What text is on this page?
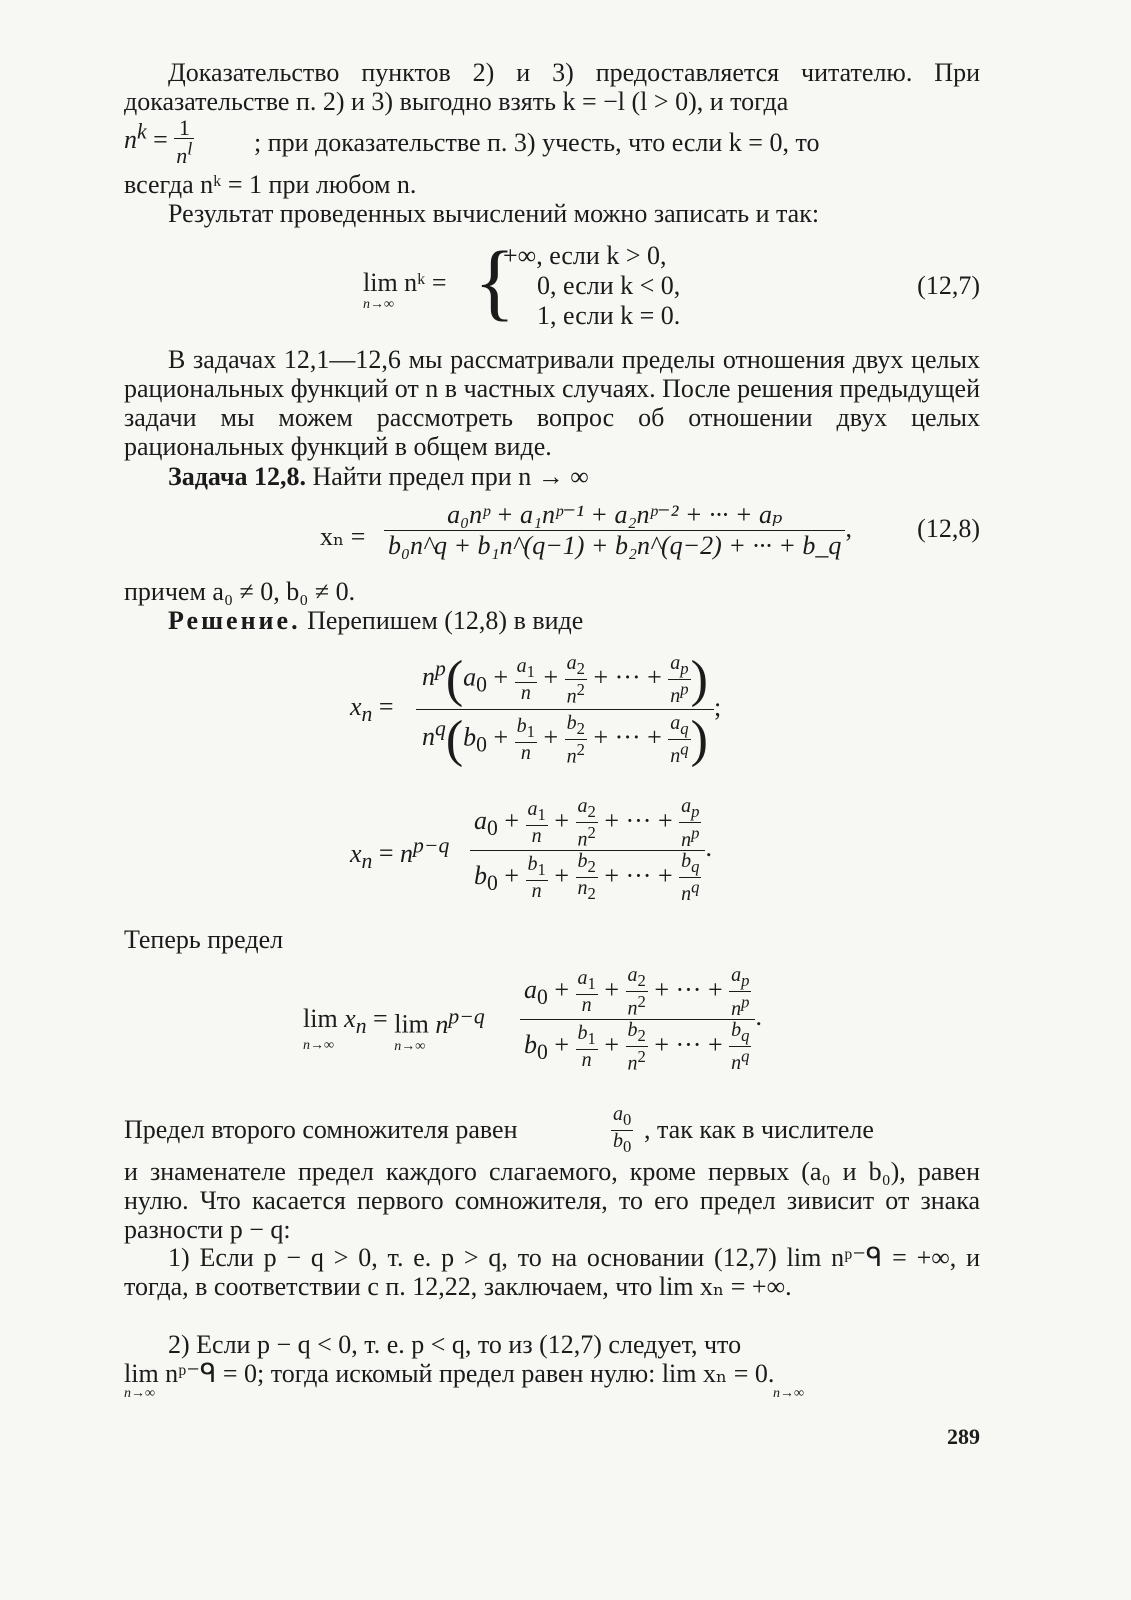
Доказательство пунктов 2) и 3) предоставляется читателю. При доказательстве п. 2) и 3) выгодно взять k = −l (l > 0), и тогда
$n^k = \frac{1}{n^l}$ ; при доказательстве п. 3) учесть, что если k = 0, то
всегда nᵏ = 1 при любом n.
Результат проведенных вычислений можно записать и так:
lim nᵏ =
n→∞ {
+∞, если k > 0,
0, если k < 0,
1, если k = 0.
(12,7)
В задачах 12,1—12,6 мы рассматривали пределы отношения двух целых рациональных функций от n в частных случаях. После решения предыдущей задачи мы можем рассмотреть вопрос об отношении двух целых рациональных функций в общем виде.
Задача 12,8. Найти предел при n → ∞
$x_n = \frac{\text{a₀nᵖ + a₁nᵖ⁻¹ + a₂nᵖ⁻² + ··· + aₚ}}{\text{b₀n\textasciicircum{}q + b₁n\textasciicircum{}(q−1) + b₂n\textasciicircum{}(q−2) + ··· + b\_q}}$ ,	(12,8)
причем a₀ ≠ 0, b₀ ≠ 0.
Решение. Перепишем (12,8) в виде
$x_n = \frac{n^p(a_0 + \frac{a_1}{n} + \frac{a_2}{n^2} + \cdot\cdot\cdot + \frac{a_p}{n^p} )}{n^q(b_0 + \frac{b_1}{n} + \frac{b_2}{n^2} + \cdot\cdot\cdot + \frac{a_q}{n^q} )}$ ;
$x_n = n^{p-q} \frac{a_0 + \frac{a_1}{n} + \frac{a_2}{n^2} + \cdot\cdot\cdot + \frac{a_p}{n^p}}{b_0 + \frac{b_1}{n} + \frac{b_2}{n_2} + \cdot\cdot\cdot + \frac{b_q}{n^q}}$ .
Теперь предел
$\lim x_n$
n→∞
= $\lim n^{p-q}$
n→∞	$\frac{a_0 + \frac{a_1}{n} + \frac{a_2}{n^2} + \cdot\cdot\cdot + \frac{a_p}{n^p}}{b_0 + \frac{b_1}{n} + \frac{b_2}{n^2} + \cdot\cdot\cdot + \frac{b_q}{n^q}}$ .
Предел второго сомножителя равен	$\frac{a_0}{b_0}$ , так как в числителе
и знаменателе предел каждого слагаемого, кроме первых (a₀ и b₀), равен нулю. Что касается первого сомножителя, то его предел зивисит от знака разности p − q:
1) Если p − q > 0, т. е. p > q, то на основании (12,7) lim nᵖ⁻ᑫ = +∞, и тогда, в соответствии с п. 12,22, заключаем, что lim xₙ = +∞.
2) Если p − q < 0, т. е. p < q, то из (12,7) следует, что
lim nᵖ⁻ᑫ = 0; тогда искомый предел равен нулю: lim xₙ = 0.
n→∞	n→∞
289
